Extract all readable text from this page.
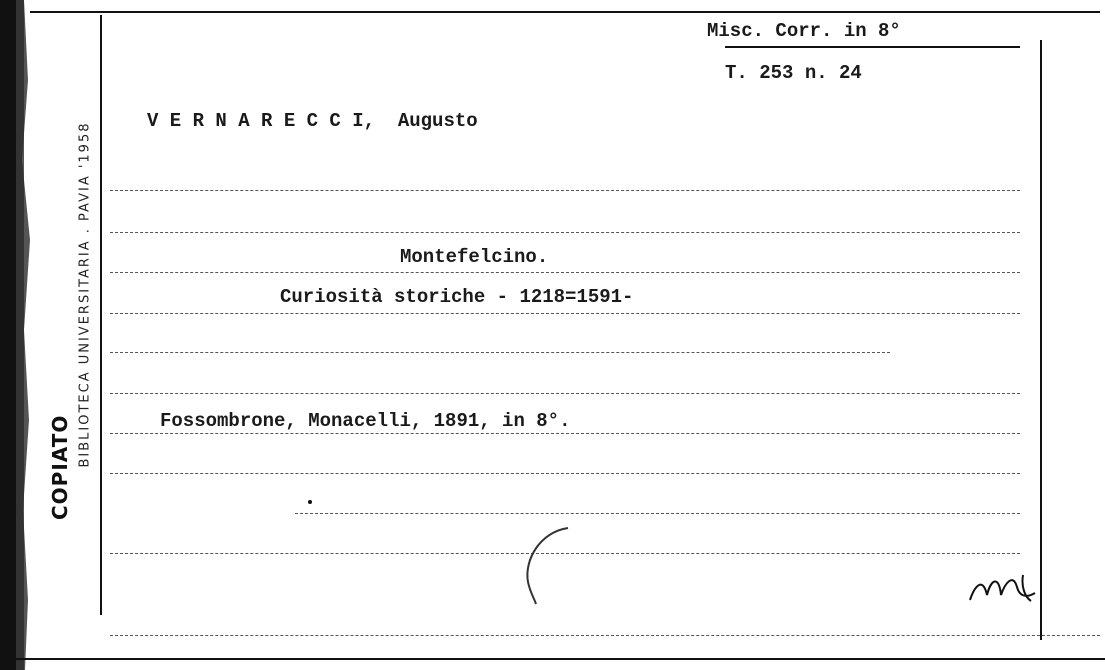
BIBLIOTECA UNIVERSITARIA . PAVIA '1958
COPIATO
Misc. Corr. in 8°
T. 253 n. 24
V E R N A R E C C I,  Augusto
Montefelcino.
Curiosità storiche - 1218=1591-
Fossombrone, Monacelli, 1891, in 8°.
